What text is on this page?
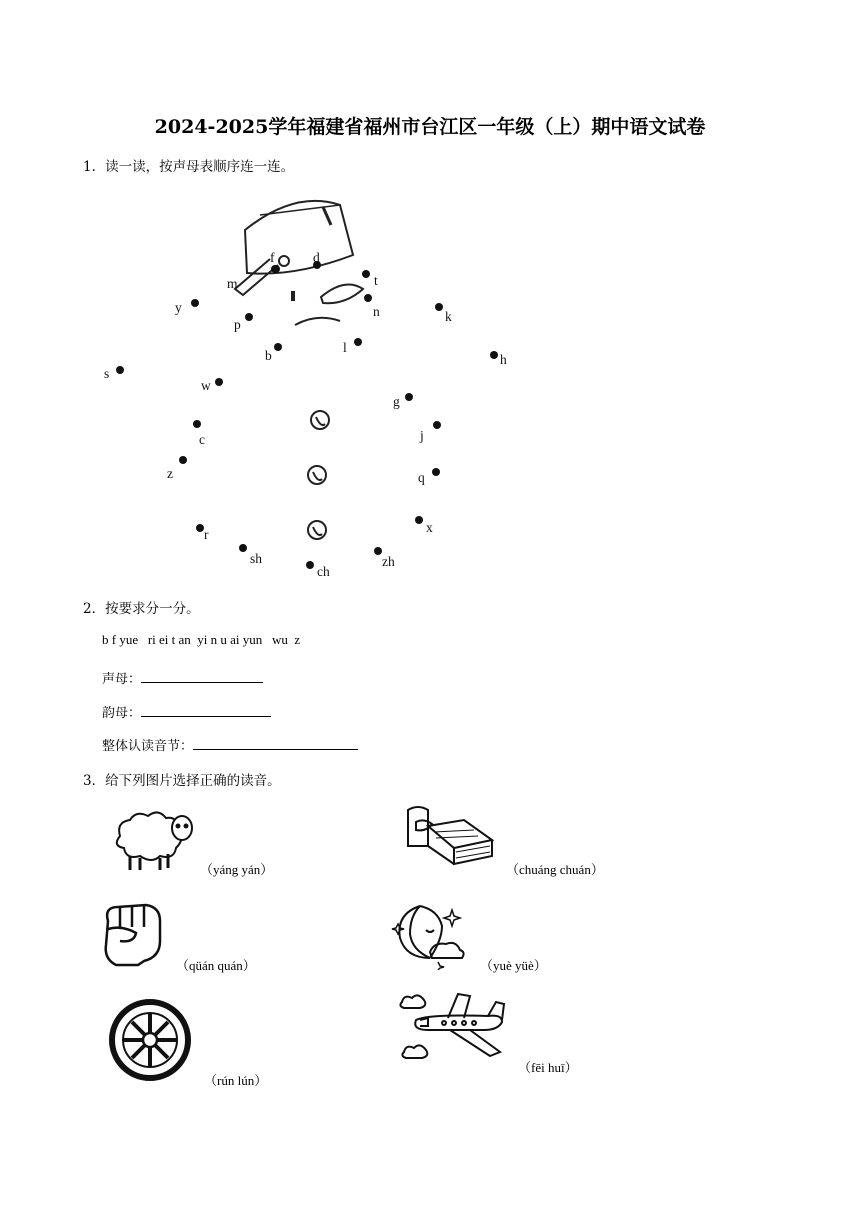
2024-2025学年福建省福州市台江区一年级（上）期中语文试卷
1．读一读，按声母表顺序连一连。
b
p
m
f	d
t
n
l
g
k
h
j
q
x
zh
ch
sh
r
z
c
s
y
w
2．按要求分一分。
b f yue   ri ei t an  yi n u ai yun   wu  z
声母：
韵母：
整体认读音节：
3．给下列图片选择正确的读音。
（yáng yán）	（chuáng chuán）
（qüán quán）	（yuè yüè）
（rún lún）
（fēi huī）
